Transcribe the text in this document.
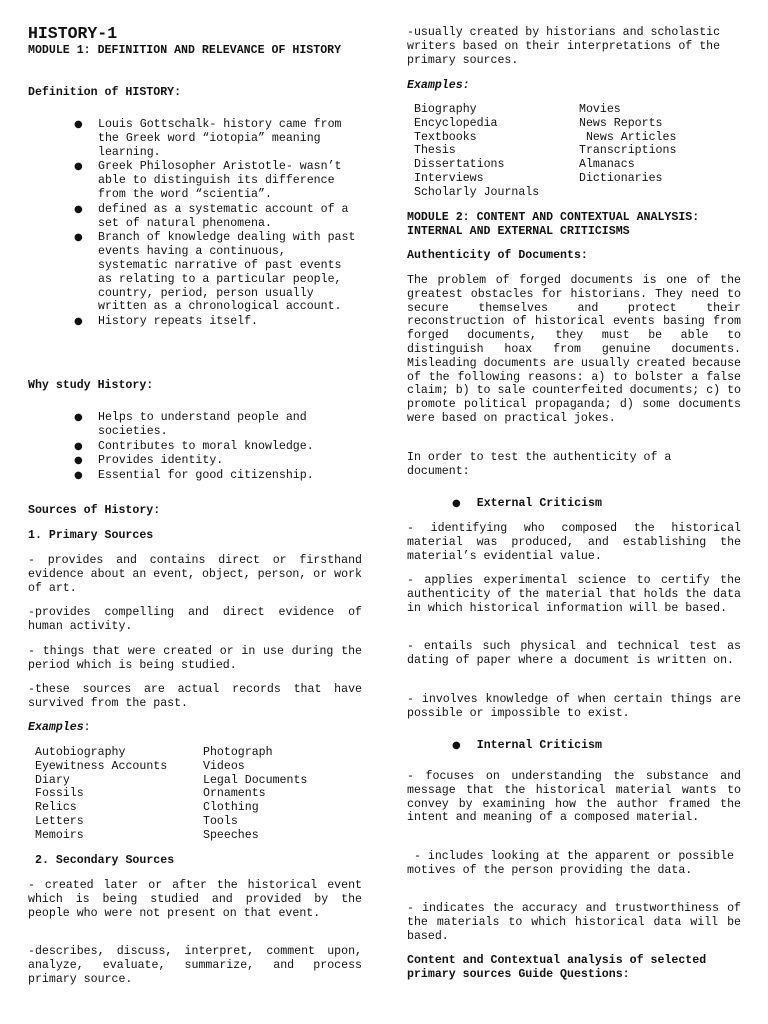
HISTORY-1

MODULE 1: DEFINITION AND RELEVANCE OF HISTORY

Definition of HISTORY:

● Louis Gottschalk- history came from the Greek word “iotopia” meaning learning.
● Greek Philosopher Aristotle- wasn’t able to distinguish its difference from the word “scientia”.
● defined as a systematic account of a set of natural phenomena.
● Branch of knowledge dealing with past events having a continuous, systematic narrative of past events as relating to a particular people, country, period, person usually written as a chronological account.
● History repeats itself.

Why study History:

● Helps to understand people and societies.
● Contributes to moral knowledge.
● Provides identity.
● Essential for good citizenship.

Sources of History:

1. Primary Sources

- provides and contains direct or firsthand evidence about an event, object, person, or work of art.

-provides compelling and direct evidence of human activity.

- things that were created or in use during the period which is being studied.

-these sources are actual records that have survived from the past.

Examples:

Autobiography
Eyewitness Accounts
Diary
Fossils
Relics
Letters
Memoirs
Photograph
Videos
Legal Documents
Ornaments
Clothing
Tools
Speeches

2. Secondary Sources

- created later or after the historical event which is being studied and provided by the people who were not present on that event.

-describes, discuss, interpret, comment upon, analyze, evaluate, summarize, and process primary source.

-usually created by historians and scholastic writers based on their interpretations of the primary sources.

Examples:

Biography
Encyclopedia
Textbooks
Thesis
Dissertations
Interviews
Scholarly Journals
Movies
News Reports
News Articles
Transcriptions
Almanacs
Dictionaries

MODULE 2: CONTENT AND CONTEXTUAL ANALYSIS: INTERNAL AND EXTERNAL CRITICISMS

Authenticity of Documents:

The problem of forged documents is one of the greatest obstacles for historians. They need to secure themselves and protect their reconstruction of historical events basing from forged documents, they must be able to distinguish hoax from genuine documents. Misleading documents are usually created because of the following reasons: a) to bolster a false claim; b) to sale counterfeited documents; c) to promote political propaganda; d) some documents were based on practical jokes.

In order to test the authenticity of a document:

● External Criticism

- identifying who composed the historical material was produced, and establishing the material’s evidential value.

- applies experimental science to certify the authenticity of the material that holds the data in which historical information will be based.

- entails such physical and technical test as dating of paper where a document is written on.

- involves knowledge of when certain things are possible or impossible to exist.

● Internal Criticism

- focuses on understanding the substance and message that the historical material wants to convey by examining how the author framed the intent and meaning of a composed material.

- includes looking at the apparent or possible motives of the person providing the data.

- indicates the accuracy and trustworthiness of the materials to which historical data will be based.

Content and Contextual analysis of selected primary sources Guide Questions:
